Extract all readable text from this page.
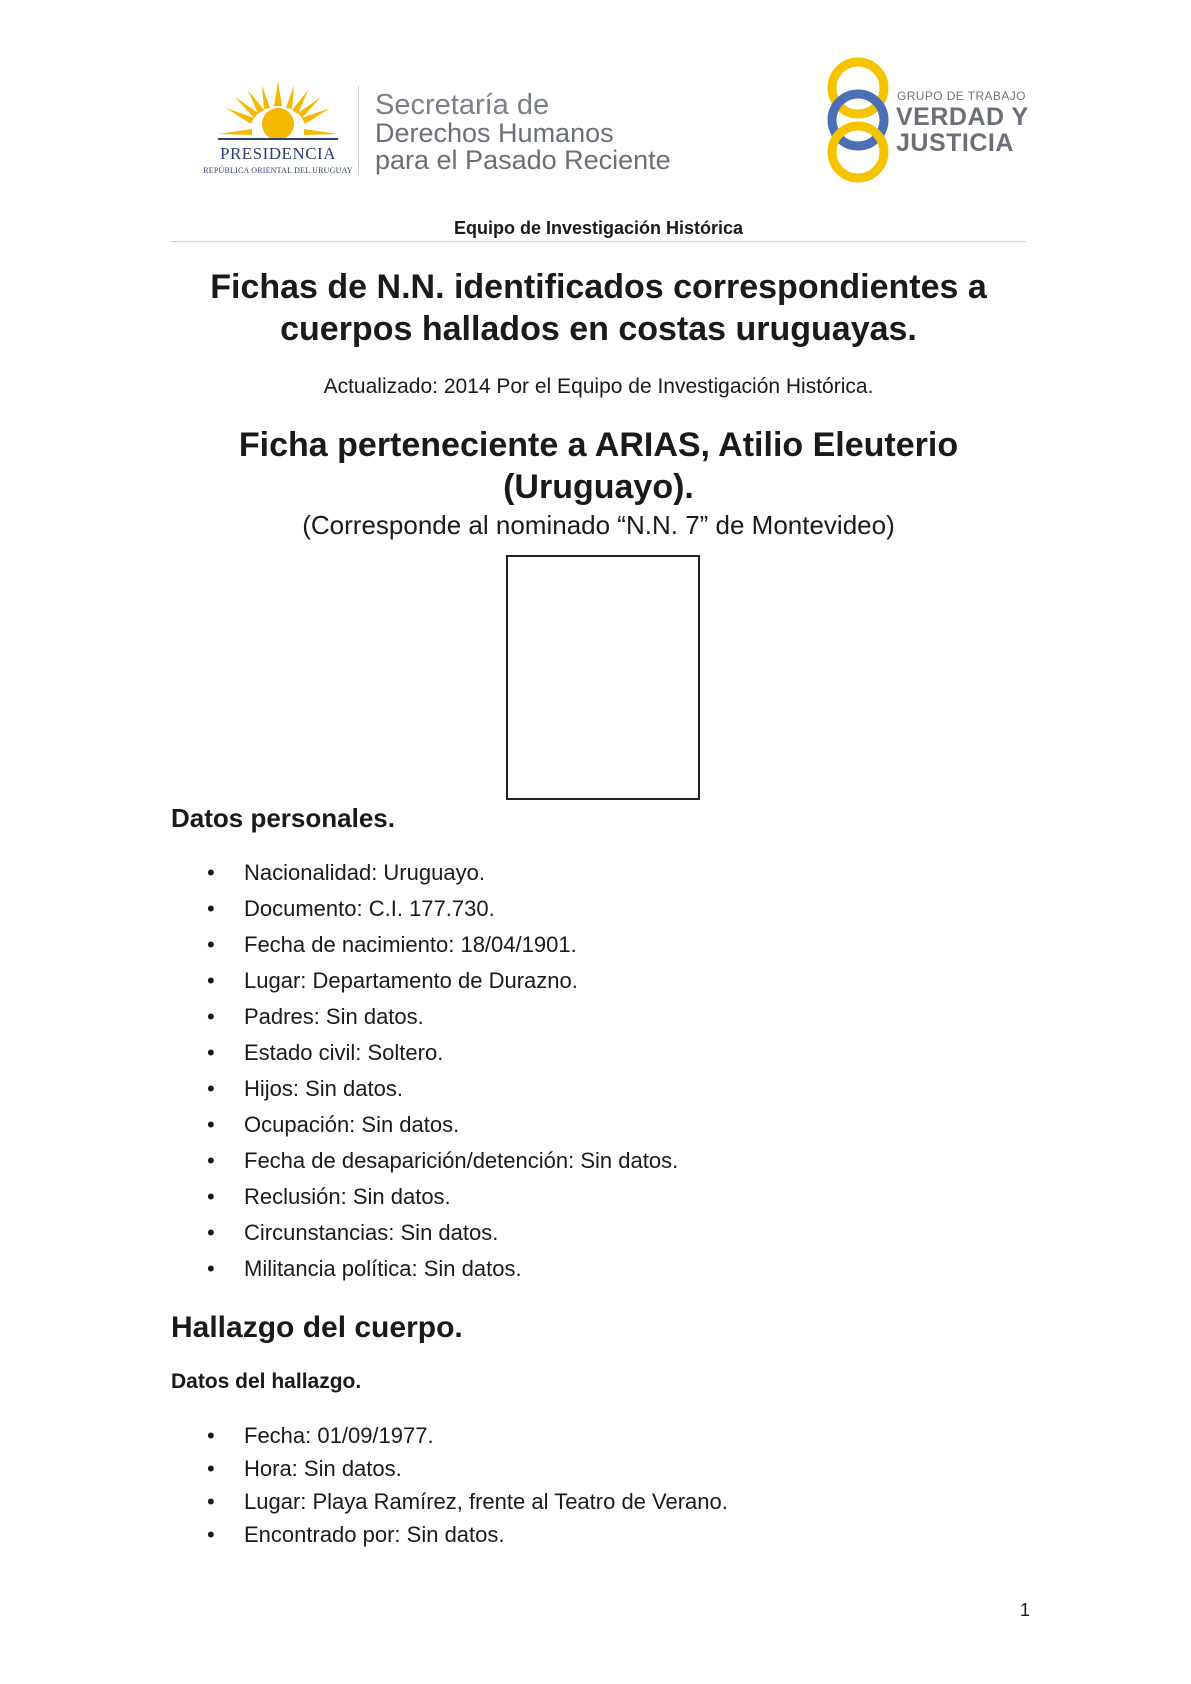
PRESIDENCIA
REPÚBLICA ORIENTAL DEL URUGUAY
Secretaría de
Derechos Humanos
para el Pasado Reciente
GRUPO DE TRABAJO
VERDAD Y
JUSTICIA
Equipo de Investigación Histórica
Fichas de N.N. identificados correspondientes a
cuerpos hallados en costas uruguayas.
Actualizado: 2014 Por el Equipo de Investigación Histórica.
Ficha perteneciente a ARIAS, Atilio Eleuterio
(Uruguayo).
(Corresponde al nominado “N.N. 7” de Montevideo)
Datos personales.
• Nacionalidad: Uruguayo.
• Documento: C.I. 177.730.
• Fecha de nacimiento: 18/04/1901.
• Lugar: Departamento de Durazno.
• Padres: Sin datos.
• Estado civil: Soltero.
• Hijos: Sin datos.
• Ocupación: Sin datos.
• Fecha de desaparición/detención: Sin datos.
• Reclusión: Sin datos.
• Circunstancias: Sin datos.
• Militancia política: Sin datos.
Hallazgo del cuerpo.
Datos del hallazgo.
• Fecha: 01/09/1977.
• Hora: Sin datos.
• Lugar: Playa Ramírez, frente al Teatro de Verano.
• Encontrado por: Sin datos.
1
